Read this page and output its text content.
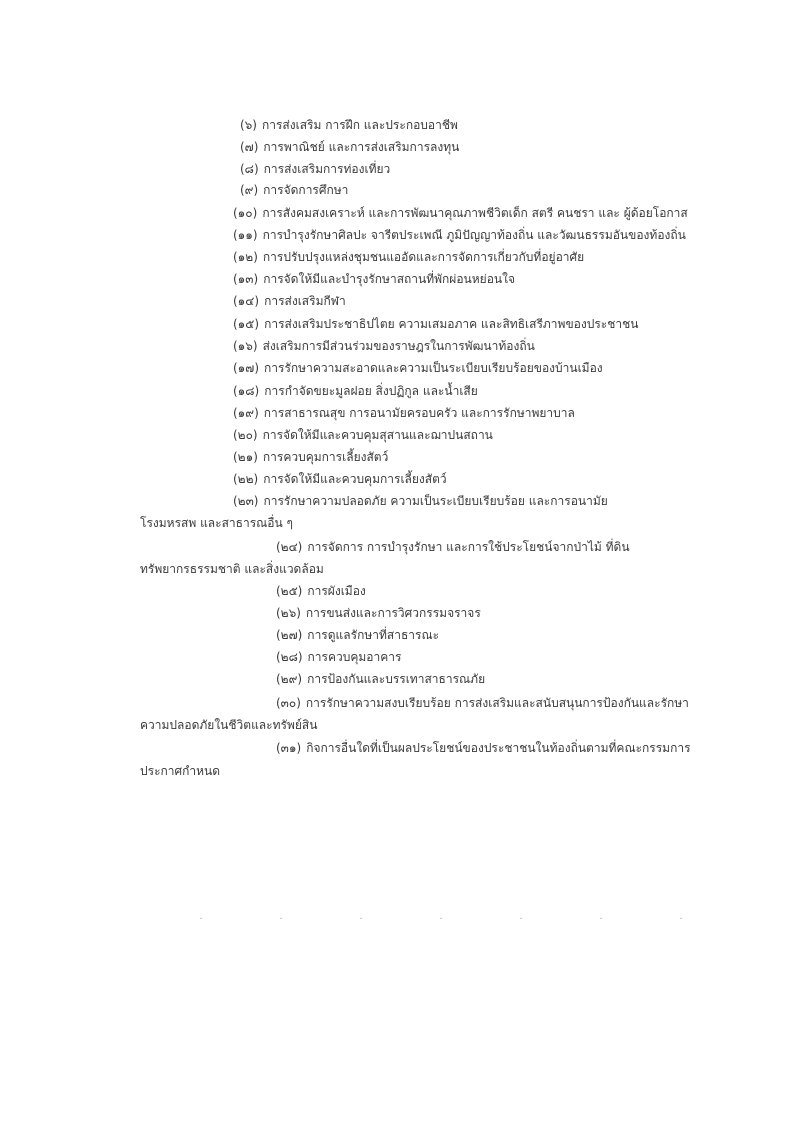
(๖) การส่งเสริม การฝึก และประกอบอาชีพ
(๗) การพาณิชย์ และการส่งเสริมการลงทุน
(๘) การส่งเสริมการท่องเที่ยว
(๙) การจัดการศึกษา
(๑๐) การสังคมสงเคราะห์ และการพัฒนาคุณภาพชีวิตเด็ก สตรี คนชรา และ ผู้ด้อยโอกาส
(๑๑) การบำรุงรักษาศิลปะ จารีตประเพณี ภูมิปัญญาท้องถิ่น และวัฒนธรรมอันของท้องถิ่น
(๑๒) การปรับปรุงแหล่งชุมชนแออัดและการจัดการเกี่ยวกับที่อยู่อาศัย
(๑๓) การจัดให้มีและบำรุงรักษาสถานที่พักผ่อนหย่อนใจ
(๑๔) การส่งเสริมกีฬา
(๑๕) การส่งเสริมประชาธิปไตย ความเสมอภาค และสิทธิเสรีภาพของประชาชน
(๑๖) ส่งเสริมการมีส่วนร่วมของราษฎรในการพัฒนาท้องถิ่น
(๑๗) การรักษาความสะอาดและความเป็นระเบียบเรียบร้อยของบ้านเมือง
(๑๘) การกำจัดขยะมูลฝอย สิ่งปฏิกูล และน้ำเสีย
(๑๙) การสาธารณสุข การอนามัยครอบครัว และการรักษาพยาบาล
(๒๐) การจัดให้มีและควบคุมสุสานและฌาปนสถาน
(๒๑) การควบคุมการเลี้ยงสัตว์
(๒๒) การจัดให้มีและควบคุมการเลี้ยงสัตว์
(๒๓) การรักษาความปลอดภัย ความเป็นระเบียบเรียบร้อย และการอนามัย
โรงมหรสพ และสาธารณอื่น ๆ
(๒๔) การจัดการ การบำรุงรักษา และการใช้ประโยชน์จากป่าไม้ ที่ดิน
ทรัพยากรธรรมชาติ และสิ่งแวดล้อม
(๒๕) การผังเมือง
(๒๖) การขนส่งและการวิศวกรรมจราจร
(๒๗) การดูแลรักษาที่สาธารณะ
(๒๘) การควบคุมอาคาร
(๒๙) การป้องกันและบรรเทาสาธารณภัย
(๓๐) การรักษาความสงบเรียบร้อย การส่งเสริมและสนับสนุนการป้องกันและรักษา
ความปลอดภัยในชีวิตและทรัพย์สิน
(๓๑) กิจการอื่นใดที่เป็นผลประโยชน์ของประชาชนในท้องถิ่นตามที่คณะกรรมการ
ประกาศกำหนด
